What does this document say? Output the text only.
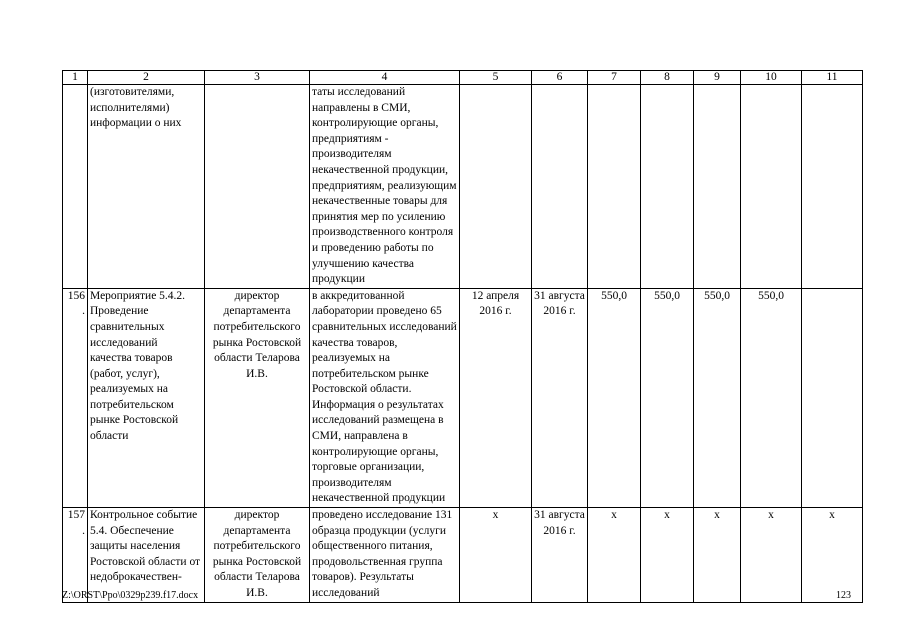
1	2	3	4	5	6	7	8	9	10	11
	(изготовителями, исполнителями) информации о них		таты исследований направлены в СМИ, контролирующие органы, предприятиям - производителям некачественной продукции, предприятиям, реализующим некачественные товары для принятия мер по усилению производственного контроля и проведению работы по улучшению качества продукции							
156.	Мероприятие 5.4.2. Проведение сравнительных исследований качества товаров (работ, услуг), реализуемых на потребительском рынке Ростовской области	директор департамента потребительского рынка Ростовской области Теларова И.В.	в аккредитованной лаборатории проведено 65 сравнительных исследований качества товаров, реализуемых на потребительском рынке Ростовской области. Информация о результатах исследований размещена в СМИ, направлена в контролирующие органы, торговые организации, производителям некачественной продукции	12 апреля 2016 г.	31 августа 2016 г.	550,0	550,0	550,0	550,0	
157.	Контрольное событие 5.4. Обеспечение защиты населения Ростовской области от недоброкачествен-	директор департамента потребительского рынка Ростовской области Теларова И.В.	проведено исследование 131 образца продукции (услуги общественного питания, продовольственная группа товаров). Результаты исследований	х	31 августа 2016 г.	х	х	х	х	х
Z:\ORST\Ppo\0329p239.f17.docx	123
